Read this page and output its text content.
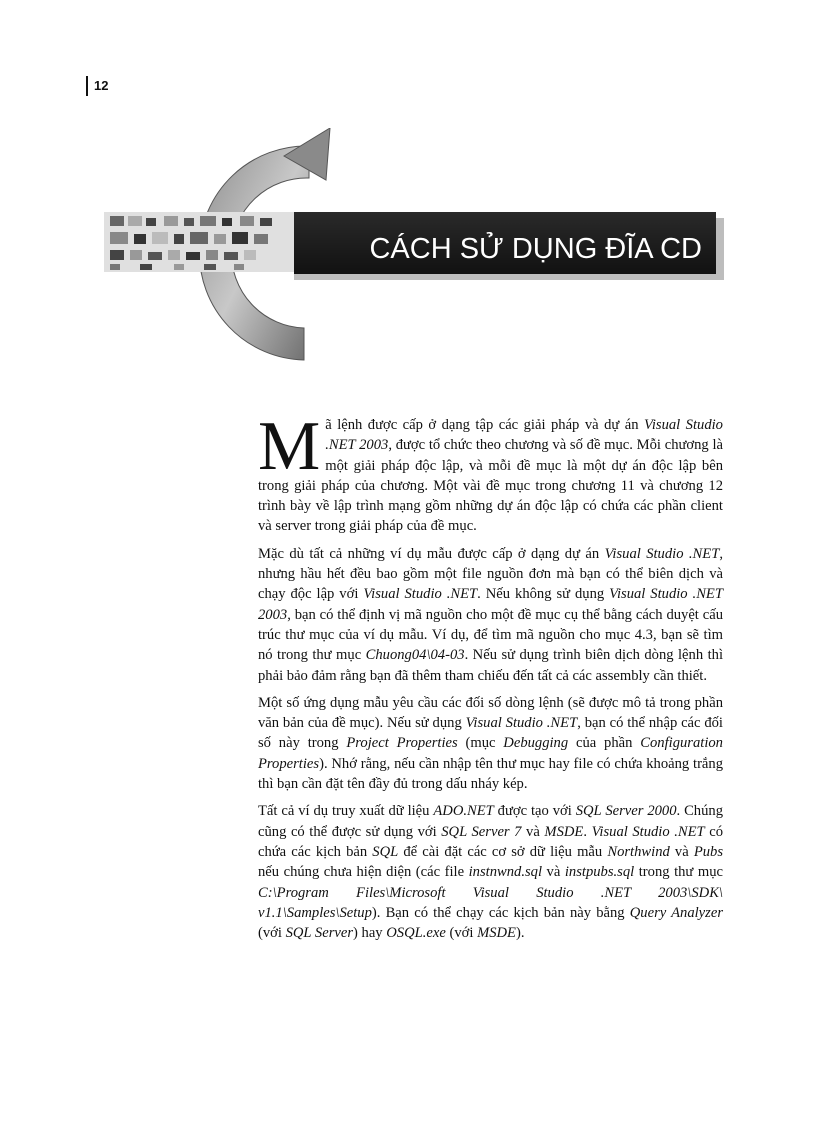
12
CÁCH SỬ DỤNG ĐĨA CD

Mã lệnh được cấp ở dạng tập các giải pháp và dự án Visual Studio .NET 2003, được tổ chức theo chương và số đề mục. Mỗi chương là một giải pháp độc lập, và mỗi đề mục là một dự án độc lập bên trong giải pháp của chương. Một vài đề mục trong chương 11 và chương 12 trình bày về lập trình mạng gồm những dự án độc lập có chứa các phần client và server trong giải pháp của đề mục.

Mặc dù tất cả những ví dụ mẫu được cấp ở dạng dự án Visual Studio .NET, nhưng hầu hết đều bao gồm một file nguồn đơn mà bạn có thể biên dịch và chạy độc lập với Visual Studio .NET. Nếu không sử dụng Visual Studio .NET 2003, bạn có thể định vị mã nguồn cho một đề mục cụ thể bằng cách duyệt cấu trúc thư mục của ví dụ mẫu. Ví dụ, để tìm mã nguồn cho mục 4.3, bạn sẽ tìm nó trong thư mục Chuong04\04-03. Nếu sử dụng trình biên dịch dòng lệnh thì phải bảo đảm rằng bạn đã thêm tham chiếu đến tất cả các assembly cần thiết.

Một số ứng dụng mẫu yêu cầu các đối số dòng lệnh (sẽ được mô tả trong phần văn bản của đề mục). Nếu sử dụng Visual Studio .NET, bạn có thể nhập các đối số này trong Project Properties (mục Debugging của phần Configuration Properties). Nhớ rằng, nếu cần nhập tên thư mục hay file có chứa khoảng trắng thì bạn cần đặt tên đầy đủ trong dấu nháy kép.

Tất cả ví dụ truy xuất dữ liệu ADO.NET được tạo với SQL Server 2000. Chúng cũng có thể được sử dụng với SQL Server 7 và MSDE. Visual Studio .NET có chứa các kịch bản SQL để cài đặt các cơ sở dữ liệu mẫu Northwind và Pubs nếu chúng chưa hiện diện (các file instnwnd.sql và instpubs.sql trong thư mục C:\Program Files\Microsoft Visual Studio .NET 2003\SDK\ v1.1\Samples\Setup). Bạn có thể chạy các kịch bản này bằng Query Analyzer (với SQL Server) hay OSQL.exe (với MSDE).
